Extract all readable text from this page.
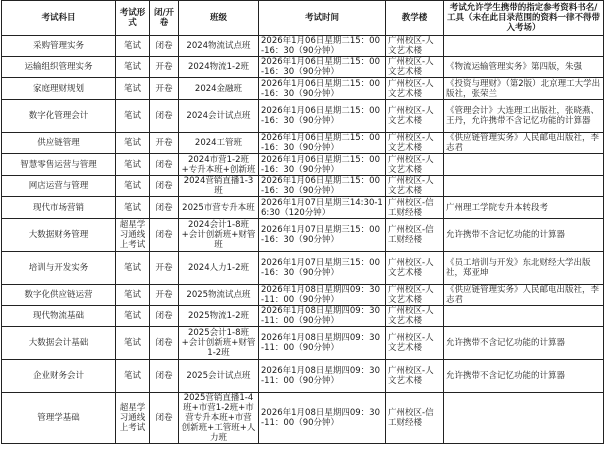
考试科目	考试形式	闭/开卷	班级	考试时间	教学楼	考试允许学生携带的指定参考资料书名/工具（未在此目录范围的资料一律不得带入考场）
采购管理实务	笔试	闭卷	2024物流试点班	2026年1月06日星期二15：00-16：30（90分钟）	广州校区-人文艺术楼	
运输组织管理实务	笔试	开卷	2024物流1-2班	2026年1月06日星期二15：00-16：30（90分钟）	广州校区-人文艺术楼	《物流运输管理实务》第四版，朱强
家庭理财规划	笔试	开卷	2024金融班	2026年1月06日星期二15：00-16：30（90分钟）	广州校区-人文艺术楼	《投资与理财》（第2版）北京理工大学出版社，张荣兰
数字化管理会计	笔试	闭卷	2024会计试点班	2026年1月06日星期二15：00-16：30（90分钟）	广州校区-人文艺术楼	《管理会计》大连理工出版社，张晓燕、王丹，允许携带不含记忆功能的计算器
供应链管理	笔试	开卷	2024工管班	2026年1月06日星期二15：00-16：30（90分钟）	广州校区-人文艺术楼	《供应链管理实务》人民邮电出版社，李志君
智慧零售运营与管理	笔试	闭卷	2024市营1-2班+专升本班+创新班	2026年1月06日星期二15：00-16：30（90分钟）	广州校区-人文艺术楼	
网店运营与管理	笔试	闭卷	2024营销直播1-3班	2026年1月06日星期二15：00-16：30（90分钟）	广州校区-人文艺术楼	
现代市场营销	笔试	闭卷	2025市营专升本班	2026年1月07日星期三14:30-16:30（120分钟）	广州校区-信工财经楼	广州理工学院专升本转段考
大数据财务管理	超星学习通线上考试	闭卷	2024会计1-8班+会计创新班+财管班	2026年1月07日星期三15：00-16：30（90分钟）	广州校区-信工财经楼	允许携带不含记忆功能的计算器
培训与开发实务	笔试	开卷	2024人力1-2班	2026年1月07日星期三15：00-16：30（90分钟）	广州校区-人文艺术楼	《员工培训与开发》东北财经大学出版社，郑亚坤
数字化供应链运营	笔试	开卷	2025物流试点班	2026年1月08日星期四09：30-11：00（90分钟）	广州校区-人文艺术楼	《供应链管理实务》人民邮电出版社，李志君
现代物流基础	笔试	闭卷	2025物流1-2班	2026年1月08日星期四09：30-11：00（90分钟）	广州校区-人文艺术楼	
大数据会计基础	笔试	闭卷	2025会计1-8班+会计创新班+财管1-2班	2026年1月08日星期四09：30-11：00（90分钟）	广州校区-人文艺术楼	允许携带不含记忆功能的计算器
企业财务会计	笔试	闭卷	2025会计试点班	2026年1月08日星期四09：30-11：00（90分钟）	广州校区-人文艺术楼	允许携带不含记忆功能的计算器
管理学基础	超星学习通线上考试	闭卷	2025营销直播1-4班+市营1-2班+市营专升本班+市营创新班+工管班+人力班	2026年1月08日星期四09：30-11：00（90分钟）	广州校区-信工财经楼	
